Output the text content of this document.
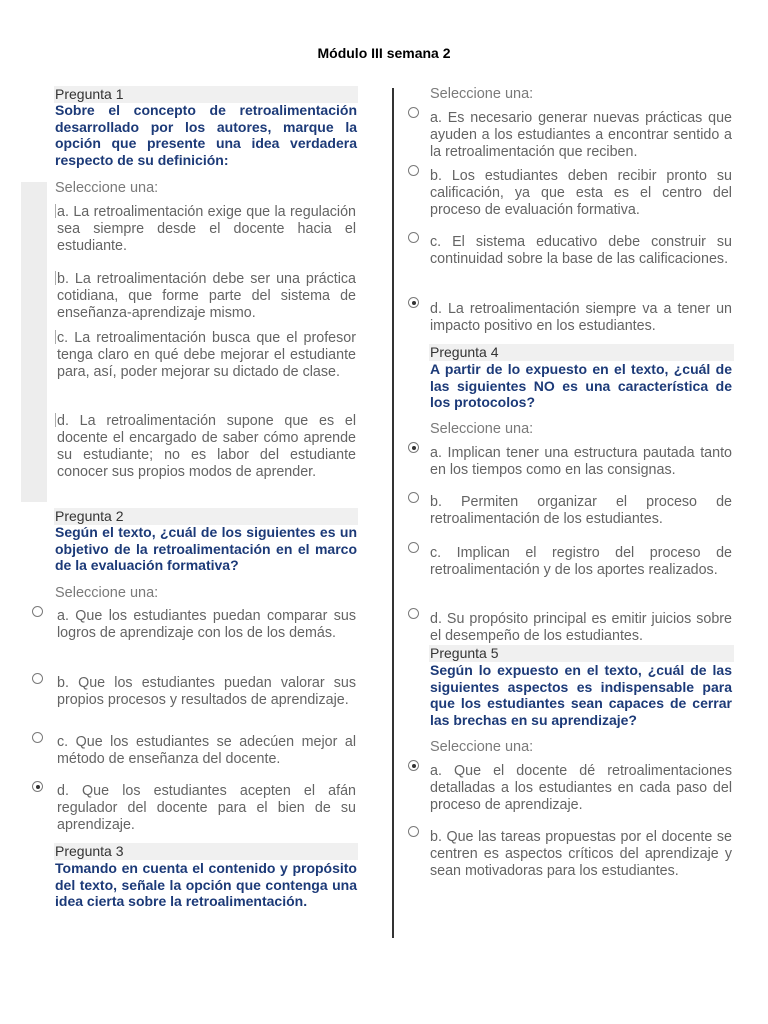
Módulo III semana 2
Pregunta 1
Sobre el concepto de retroalimentación desarrollado por los autores, marque la opción que presente una idea verdadera respecto de su definición:
Seleccione una:
a. La retroalimentación exige que la regulación sea siempre desde el docente hacia el estudiante.
b. La retroalimentación debe ser una práctica cotidiana, que forme parte del sistema de enseñanza-aprendizaje mismo.
c. La retroalimentación busca que el profesor tenga claro en qué debe mejorar el estudiante para, así, poder mejorar su dictado de clase.
d. La retroalimentación supone que es el docente el encargado de saber cómo aprende su estudiante; no es labor del estudiante conocer sus propios modos de aprender.
Pregunta 2
Según el texto, ¿cuál de los siguientes es un objetivo de la retroalimentación en el marco de la evaluación formativa?
Seleccione una:
a. Que los estudiantes puedan comparar sus logros de aprendizaje con los de los demás.
b. Que los estudiantes puedan valorar sus propios procesos y resultados de aprendizaje.
c. Que los estudiantes se adecúen mejor al método de enseñanza del docente.
d. Que los estudiantes acepten el afán regulador del docente para el bien de su aprendizaje.
Pregunta 3
Tomando en cuenta el contenido y propósito del texto, señale la opción que contenga una idea cierta sobre la retroalimentación.
Seleccione una:
a. Es necesario generar nuevas prácticas que ayuden a los estudiantes a encontrar sentido a la retroalimentación que reciben.
b. Los estudiantes deben recibir pronto su calificación, ya que esta es el centro del proceso de evaluación formativa.
c. El sistema educativo debe construir su continuidad sobre la base de las calificaciones.
d. La retroalimentación siempre va a tener un impacto positivo en los estudiantes.
Pregunta 4
A partir de lo expuesto en el texto, ¿cuál de las siguientes NO es una característica de los protocolos?
Seleccione una:
a. Implican tener una estructura pautada tanto en los tiempos como en las consignas.
b. Permiten organizar el proceso de retroalimentación de los estudiantes.
c. Implican el registro del proceso de retroalimentación y de los aportes realizados.
d. Su propósito principal es emitir juicios sobre el desempeño de los estudiantes.
Pregunta 5
Según lo expuesto en el texto, ¿cuál de las siguientes aspectos es indispensable para que los estudiantes sean capaces de cerrar las brechas en su aprendizaje?
Seleccione una:
a. Que el docente dé retroalimentaciones detalladas a los estudiantes en cada paso del proceso de aprendizaje.
b. Que las tareas propuestas por el docente se centren es aspectos críticos del aprendizaje y sean motivadoras para los estudiantes.
